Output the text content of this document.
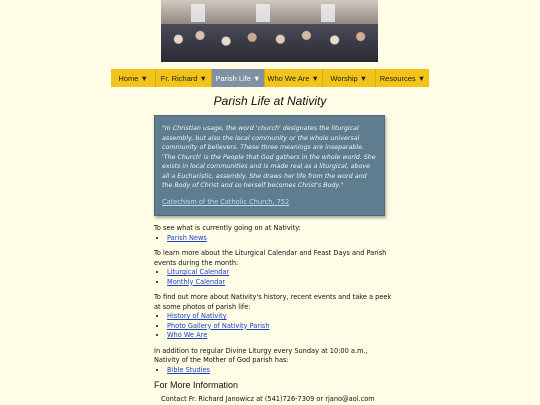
Home ▼	Fr. Richard ▼	Parish Life ▼ Who We Are ▼	Worship ▼	Resources ▼
Parish Life at Nativity

"In Christian usage, the word 'church' designates the liturgical assembly, but also the local community or the whole universal community of believers. These three meanings are inseparable. 'The Church' is the People that God gathers in the whole world. She exists in local communities and is made real as a liturgical, above all a Eucharistic, assembly. She draws her life from the word and the Body of Christ and so herself becomes Christ's Body."

Catechism of the Catholic Church, 752

To see what is currently going on at Nativity:

• Parish News

To learn more about the Liturgical Calendar and Feast Days and Parish events during the month:

• Liturgical Calendar
• Monthly Calendar

To find out more about Nativity's history, recent events and take a peek at some photos of parish life:

• History of Nativity
• Photo Gallery of Nativity Parish
• Who We Are

In addition to regular Divine Liturgy every Sunday at 10:00 a.m., Nativity of the Mother of God parish has:

• Bible Studies
For More Information

Contact Fr. Richard Janowicz at (541)726-7309 or rjano@aol.com
